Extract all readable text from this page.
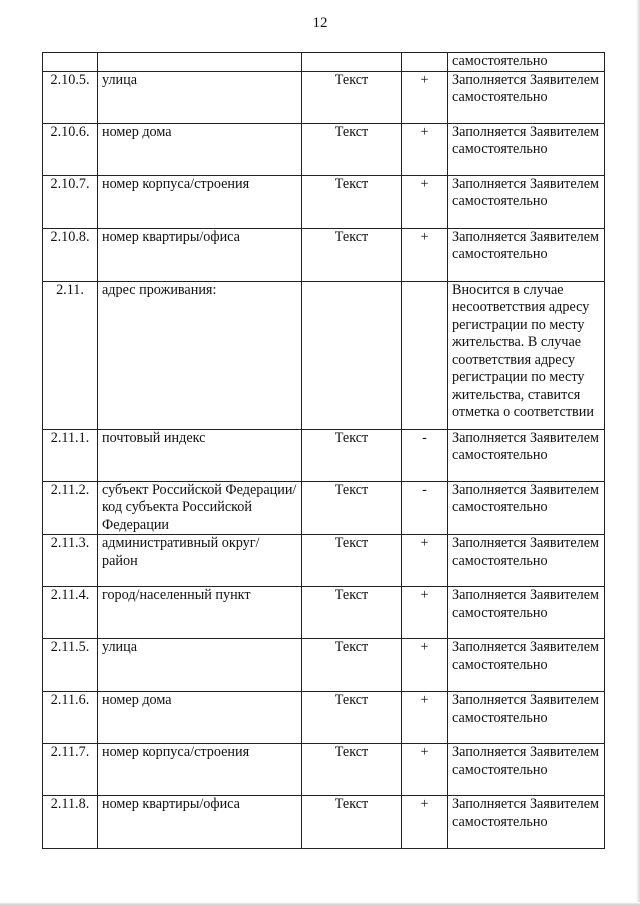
12
				самостоятельно
2.10.5.	улица	Текст	+	Заполняется Заявителем самостоятельно
2.10.6.	номер дома	Текст	+	Заполняется Заявителем самостоятельно
2.10.7.	номер корпуса/строения	Текст	+	Заполняется Заявителем самостоятельно
2.10.8.	номер квартиры/офиса	Текст	+	Заполняется Заявителем самостоятельно
2.11.	адрес проживания:			Вносится в случае несоответствия адресу регистрации по месту жительства. В случае соответствия адресу регистрации по месту жительства, ставится отметка о соответствии
2.11.1.	почтовый индекс	Текст	-	Заполняется Заявителем самостоятельно
2.11.2.	субъект Российской Федерации/код субъекта Российской Федерации	Текст	-	Заполняется Заявителем самостоятельно
2.11.3.	административный округ/ район	Текст	+	Заполняется Заявителем самостоятельно
2.11.4.	город/населенный пункт	Текст	+	Заполняется Заявителем самостоятельно
2.11.5.	улица	Текст	+	Заполняется Заявителем самостоятельно
2.11.6.	номер дома	Текст	+	Заполняется Заявителем самостоятельно
2.11.7.	номер корпуса/строения	Текст	+	Заполняется Заявителем самостоятельно
2.11.8.	номер квартиры/офиса	Текст	+	Заполняется Заявителем самостоятельно
